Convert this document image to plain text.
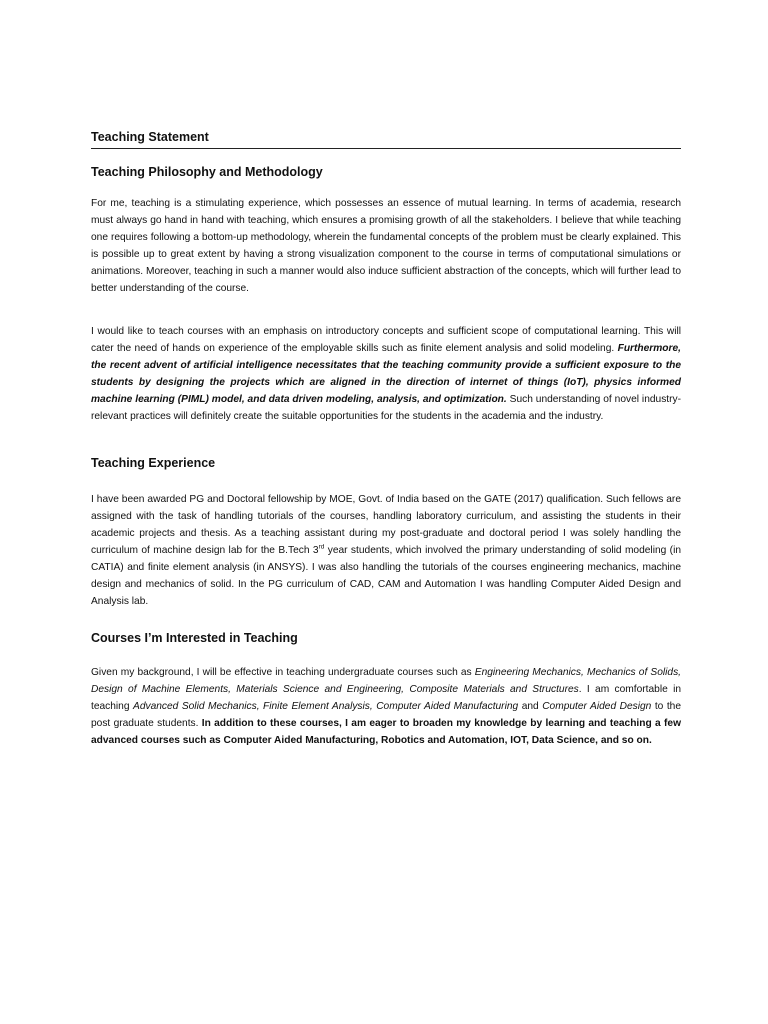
Teaching Statement
Teaching Philosophy and Methodology

For me, teaching is a stimulating experience, which possesses an essence of mutual learning. In terms of academia, research must always go hand in hand with teaching, which ensures a promising growth of all the stakeholders. I believe that while teaching one requires following a bottom-up methodology, wherein the fundamental concepts of the problem must be clearly explained. This is possible up to great extent by having a strong visualization component to the course in terms of computational simulations or animations. Moreover, teaching in such a manner would also induce sufficient abstraction of the concepts, which will further lead to better understanding of the course.

I would like to teach courses with an emphasis on introductory concepts and sufficient scope of computational learning. This will cater the need of hands on experience of the employable skills such as finite element analysis and solid modeling. Furthermore, the recent advent of artificial intelligence necessitates that the teaching community provide a sufficient exposure to the students by designing the projects which are aligned in the direction of internet of things (IoT), physics informed machine learning (PIML) model, and data driven modeling, analysis, and optimization. Such understanding of novel industry-relevant practices will definitely create the suitable opportunities for the students in the academia and the industry.

Teaching Experience

I have been awarded PG and Doctoral fellowship by MOE, Govt. of India based on the GATE (2017) qualification. Such fellows are assigned with the task of handling tutorials of the courses, handling laboratory curriculum, and assisting the students in their academic projects and thesis. As a teaching assistant during my post-graduate and doctoral period I was solely handling the curriculum of machine design lab for the B.Tech 3rd year students, which involved the primary understanding of solid modeling (in CATIA) and finite element analysis (in ANSYS). I was also handling the tutorials of the courses engineering mechanics, machine design and mechanics of solid. In the PG curriculum of CAD, CAM and Automation I was handling Computer Aided Design and Analysis lab.

Courses I’m Interested in Teaching

Given my background, I will be effective in teaching undergraduate courses such as Engineering Mechanics, Mechanics of Solids, Design of Machine Elements, Materials Science and Engineering, Composite Materials and Structures. I am comfortable in teaching Advanced Solid Mechanics, Finite Element Analysis, Computer Aided Manufacturing and Computer Aided Design to the post graduate students. In addition to these courses, I am eager to broaden my knowledge by learning and teaching a few advanced courses such as Computer Aided Manufacturing, Robotics and Automation, IOT, Data Science, and so on.
